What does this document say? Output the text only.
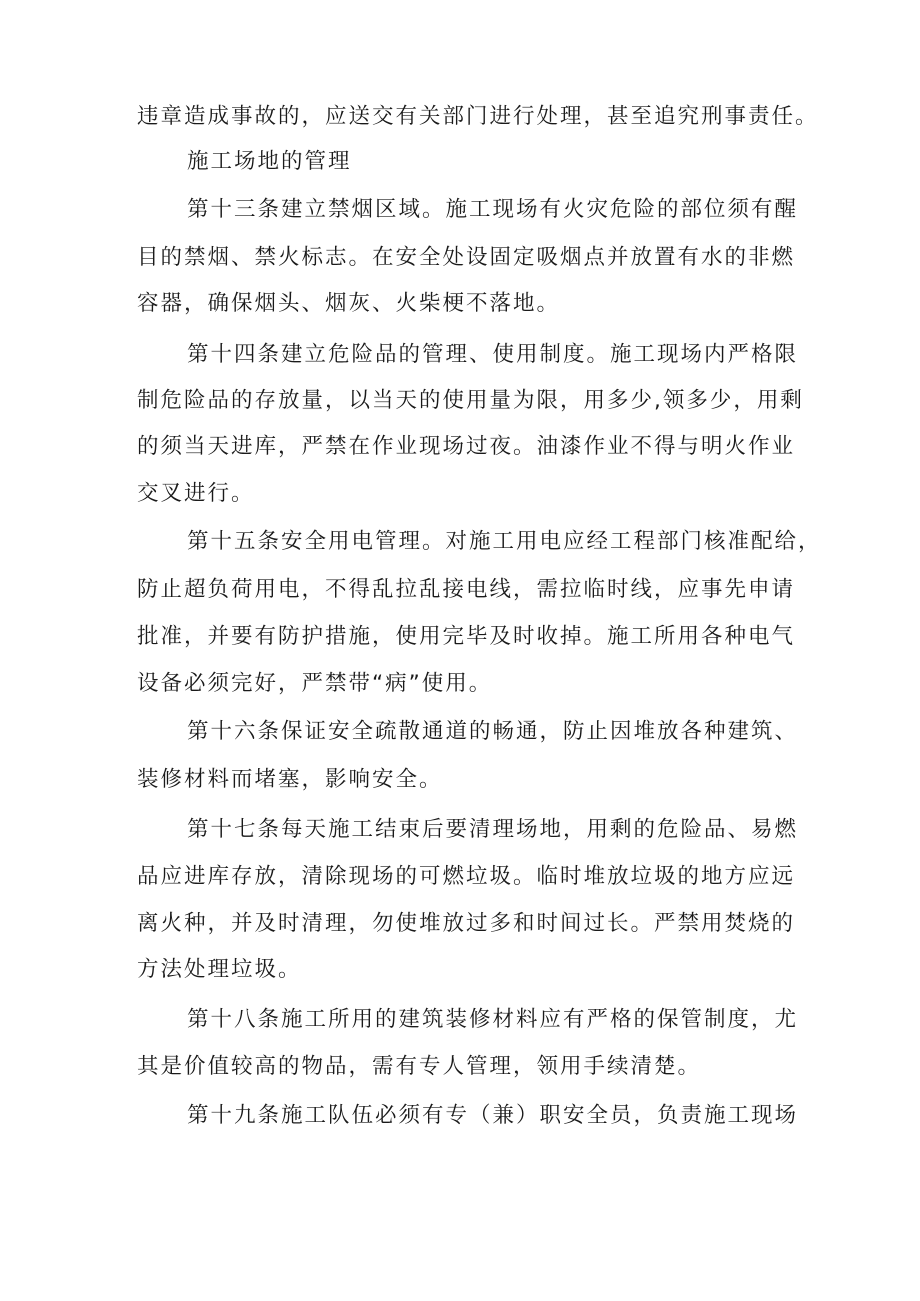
违章造成事故的，应送交有关部门进行处理，甚至追究刑事责任。
施工场地的管理
第十三条建立禁烟区域。施工现场有火灾危险的部位须有醒
目的禁烟、禁火标志。在安全处设固定吸烟点并放置有水的非燃
容器，确保烟头、烟灰、火柴梗不落地。
第十四条建立危险品的管理、使用制度。施工现场内严格限
制危险品的存放量，以当天的使用量为限，用多少,领多少，用剩
的须当天进库，严禁在作业现场过夜。油漆作业不得与明火作业
交叉进行。
第十五条安全用电管理。对施工用电应经工程部门核准配给，
防止超负荷用电，不得乱拉乱接电线，需拉临时线，应事先申请
批准，并要有防护措施，使用完毕及时收掉。施工所用各种电气
设备必须完好，严禁带“病”使用。
第十六条保证安全疏散通道的畅通，防止因堆放各种建筑、
装修材料而堵塞，影响安全。
第十七条每天施工结束后要清理场地，用剩的危险品、易燃
品应进库存放，清除现场的可燃垃圾。临时堆放垃圾的地方应远
离火种，并及时清理，勿使堆放过多和时间过长。严禁用焚烧的
方法处理垃圾。
第十八条施工所用的建筑装修材料应有严格的保管制度，尤
其是价值较高的物品，需有专人管理，领用手续清楚。
第十九条施工队伍必须有专（兼）职安全员，负责施工现场
